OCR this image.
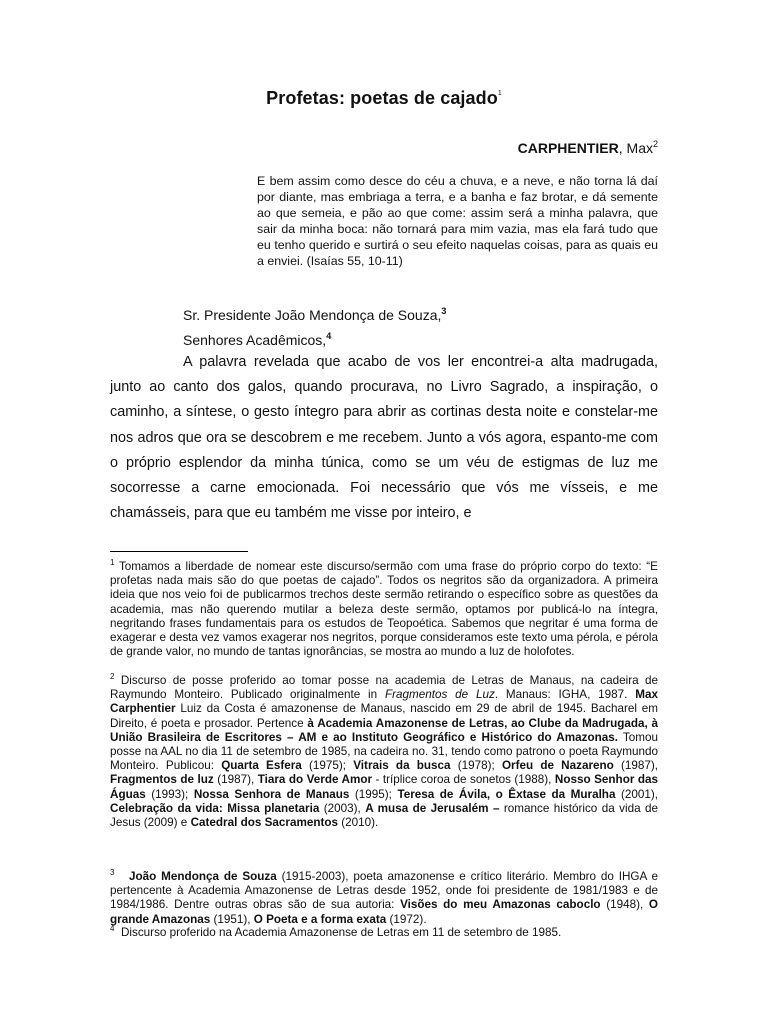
Profetas: poetas de cajado$^1$
CARPHENTIER, Max$^2$
E bem assim como desce do céu a chuva, e a neve, e não torna lá daí por diante, mas embriaga a terra, e a banha e faz brotar, e dá semente ao que semeia, e pão ao que come: assim será a minha palavra, que sair da minha boca: não tornará para mim vazia, mas ela fará tudo que eu tenho querido e surtirá o seu efeito naquelas coisas, para as quais eu a enviei. (Isaías 55, 10-11)
Sr. Presidente João Mendonça de Souza,$^3$
Senhores Acadêmicos,$^4$
A palavra revelada que acabo de vos ler encontrei-a alta madrugada, junto ao canto dos galos, quando procurava, no Livro Sagrado, a inspiração, o caminho, a síntese, o gesto íntegro para abrir as cortinas desta noite e constelar-me nos adros que ora se descobrem e me recebem. Junto a vós agora, espanto-me com o próprio esplendor da minha túnica, como se um véu de estigmas de luz me socorresse a carne emocionada. Foi necessário que vós me vísseis, e me chamásseis, para que eu também me visse por inteiro, e
$^1$ Tomamos a liberdade de nomear este discurso/sermão com uma frase do próprio corpo do texto: “E profetas nada mais são do que poetas de cajado”. Todos os negritos são da organizadora. A primeira ideia que nos veio foi de publicarmos trechos deste sermão retirando o específico sobre as questões da academia, mas não querendo mutilar a beleza deste sermão, optamos por publicá-lo na íntegra, negritando frases fundamentais para os estudos de Teopoética. Sabemos que negritar é uma forma de exagerar e desta vez vamos exagerar nos negritos, porque consideramos este texto uma pérola, e pérola de grande valor, no mundo de tantas ignorâncias, se mostra ao mundo a luz de holofotes.
$^2$ Discurso de posse proferido ao tomar posse na academia de Letras de Manaus, na cadeira de Raymundo Monteiro. Publicado originalmente in Fragmentos de Luz. Manaus: IGHA, 1987. Max Carphentier Luiz da Costa é amazonense de Manaus, nascido em 29 de abril de 1945. Bacharel em Direito, é poeta e prosador. Pertence à Academia Amazonense de Letras, ao Clube da Madrugada, à União Brasileira de Escritores – AM e ao Instituto Geográfico e Histórico do Amazonas. Tomou posse na AAL no dia 11 de setembro de 1985, na cadeira no. 31, tendo como patrono o poeta Raymundo Monteiro. Publicou: Quarta Esfera (1975); Vitrais da busca (1978); Orfeu de Nazareno (1987), Fragmentos de luz (1987), Tiara do Verde Amor - tríplice coroa de sonetos (1988), Nosso Senhor das Águas (1993); Nossa Senhora de Manaus (1995); Teresa de Ávila, o Êxtase da Muralha (2001), Celebração da vida: Missa planetaria (2003), A musa de Jerusalém – romance histórico da vida de Jesus (2009) e Catedral dos Sacramentos (2010).
$^3$ João Mendonça de Souza (1915-2003), poeta amazonense e crítico literário. Membro do IHGA e pertencente à Academia Amazonense de Letras desde 1952, onde foi presidente de 1981/1983 e de 1984/1986. Dentre outras obras são de sua autoria: Visões do meu Amazonas caboclo (1948), O grande Amazonas (1951), O Poeta e a forma exata (1972).
$^4$ Discurso proferido na Academia Amazonense de Letras em 11 de setembro de 1985.
